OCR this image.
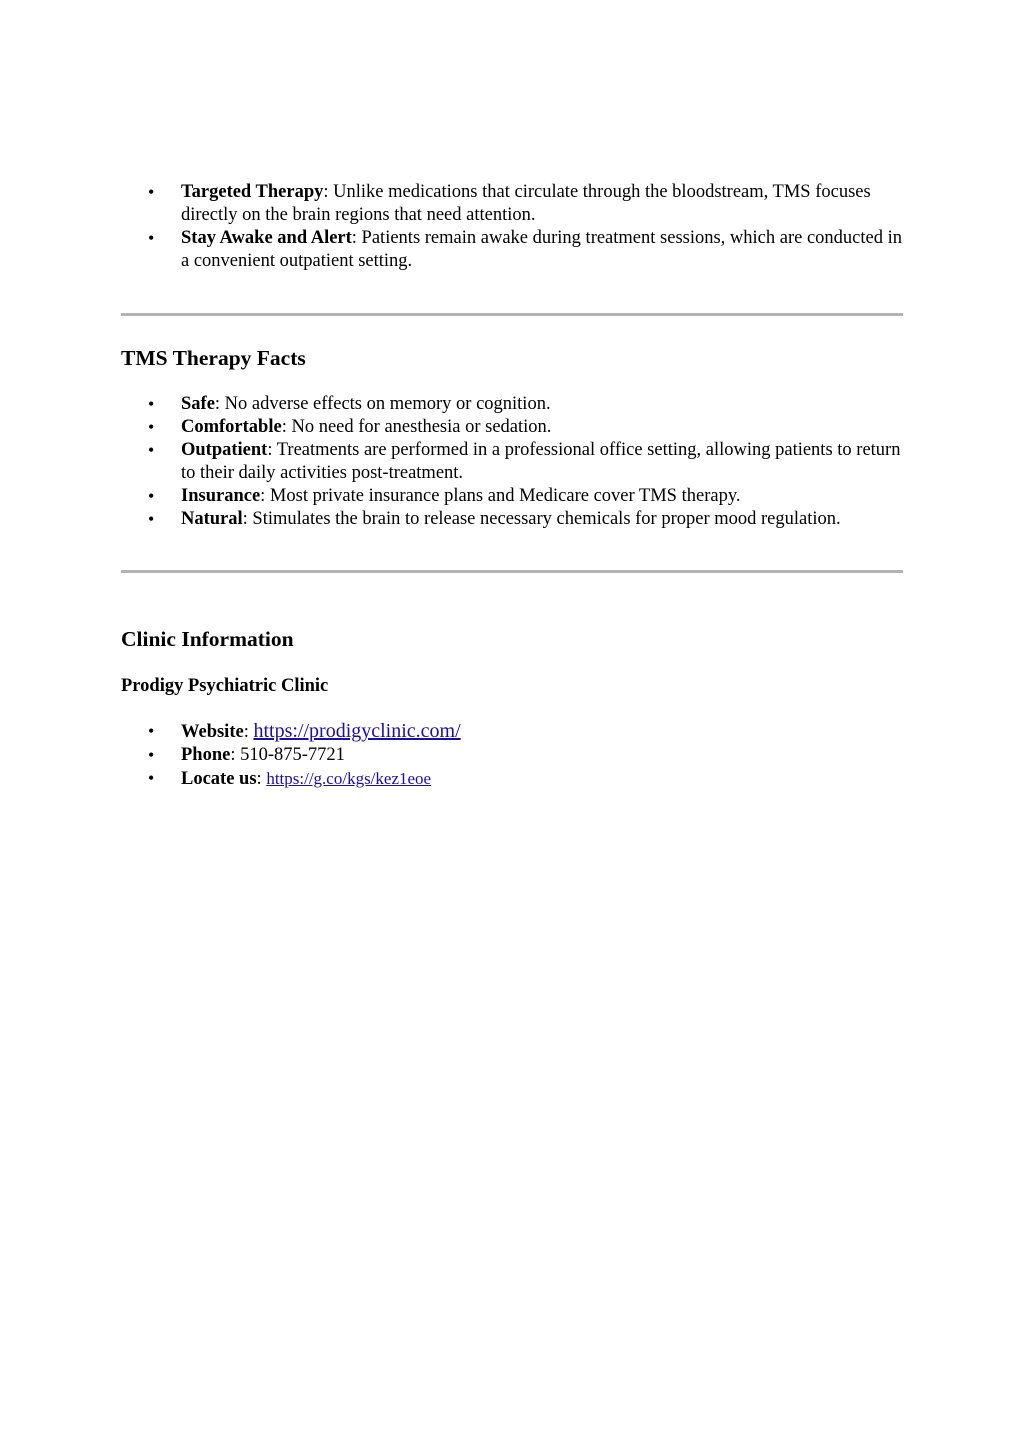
• Targeted Therapy: Unlike medications that circulate through the bloodstream, TMS focuses directly on the brain regions that need attention.
• Stay Awake and Alert: Patients remain awake during treatment sessions, which are conducted in a convenient outpatient setting.
TMS Therapy Facts
• Safe: No adverse effects on memory or cognition.
• Comfortable: No need for anesthesia or sedation.
• Outpatient: Treatments are performed in a professional office setting, allowing patients to return to their daily activities post-treatment.
• Insurance: Most private insurance plans and Medicare cover TMS therapy.
• Natural: Stimulates the brain to release necessary chemicals for proper mood regulation.
Clinic Information

Prodigy Psychiatric Clinic

• Website: https://prodigyclinic.com/
• Phone: 510-875-7721
• Locate us: https://g.co/kgs/kez1eoe
